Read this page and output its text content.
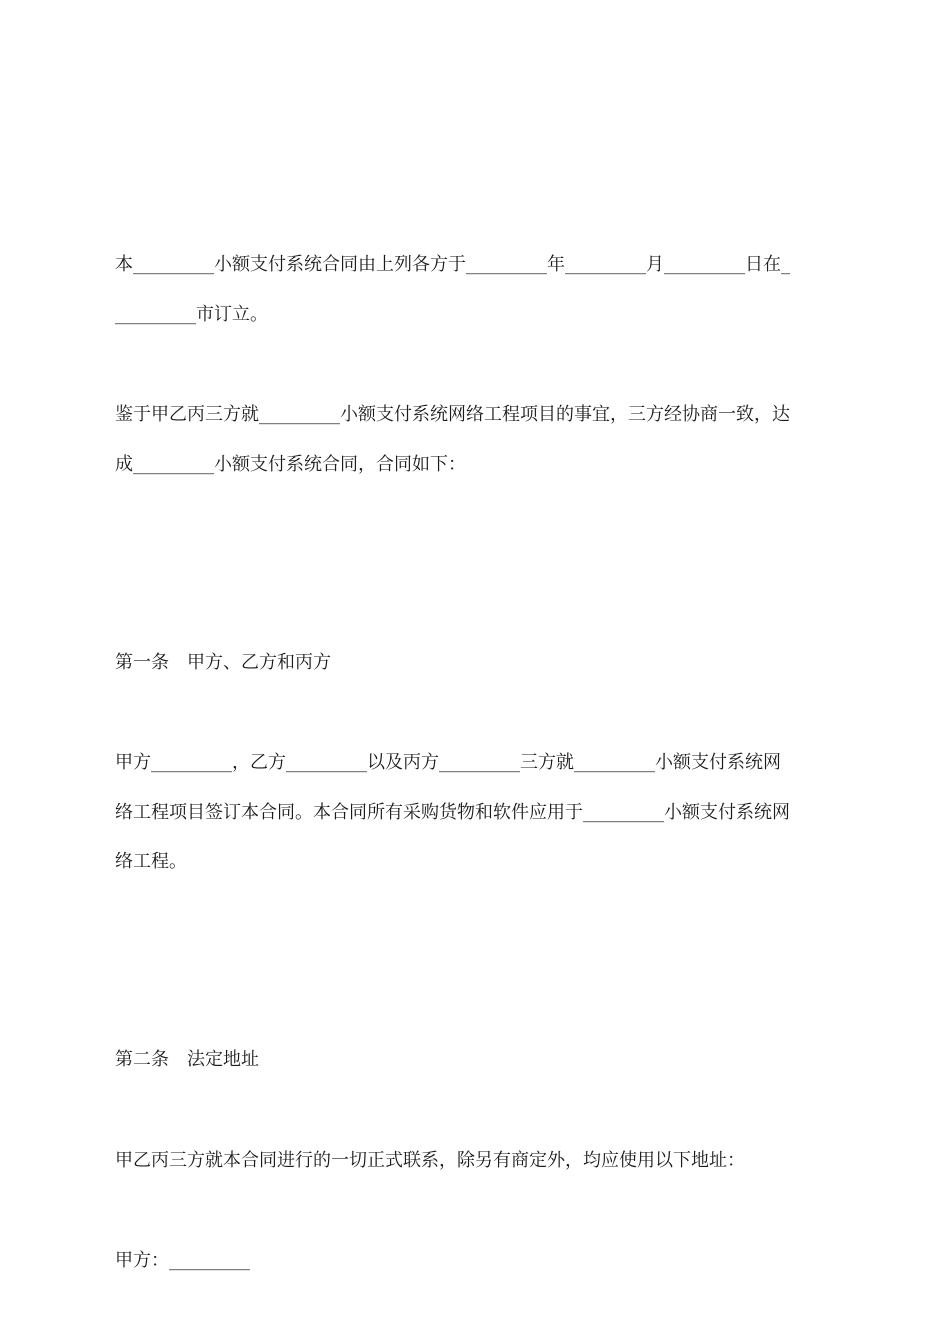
本_________小额支付系统合同由上列各方于_________年_________月_________日在_
_________市订立。
鉴于甲乙丙三方就_________小额支付系统网络工程项目的事宜，三方经协商一致，达
成_________小额支付系统合同，合同如下：
第一条　甲方、乙方和丙方
甲方_________，乙方_________以及丙方_________三方就_________小额支付系统网
络工程项目签订本合同。本合同所有采购货物和软件应用于_________小额支付系统网
络工程。
第二条　法定地址
甲乙丙三方就本合同进行的一切正式联系，除另有商定外，均应使用以下地址：
甲方：_________
